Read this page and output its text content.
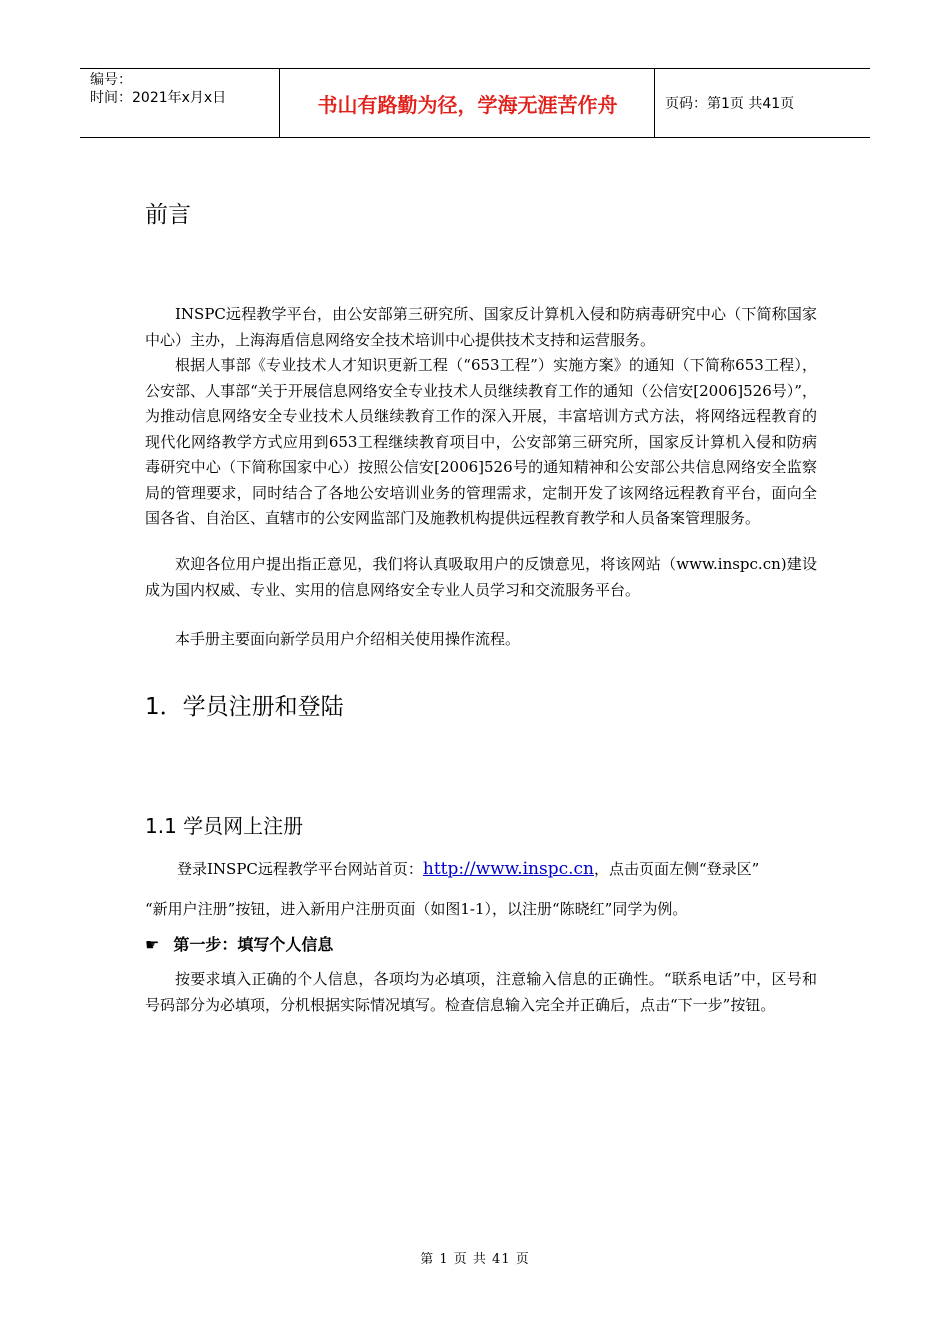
编号：
时间：2021年x月x日	书山有路勤为径，学海无涯苦作舟	页码：第1页 共41页
前言
INSPC远程教学平台，由公安部第三研究所、国家反计算机入侵和防病毒研究中心（下简称国家中心）主办，上海海盾信息网络安全技术培训中心提供技术支持和运营服务。
根据人事部《专业技术人才知识更新工程（“653工程”）实施方案》的通知（下简称653工程），公安部、人事部“关于开展信息网络安全专业技术人员继续教育工作的通知（公信安[2006]526号）”，为推动信息网络安全专业技术人员继续教育工作的深入开展，丰富培训方式方法，将网络远程教育的现代化网络教学方式应用到653工程继续教育项目中，公安部第三研究所，国家反计算机入侵和防病毒研究中心（下简称国家中心）按照公信安[2006]526号的通知精神和公安部公共信息网络安全监察局的管理要求，同时结合了各地公安培训业务的管理需求，定制开发了该网络远程教育平台，面向全国各省、自治区、直辖市的公安网监部门及施教机构提供远程教育教学和人员备案管理服务。
欢迎各位用户提出指正意见，我们将认真吸取用户的反馈意见，将该网站（www.inspc.cn)建设成为国内权威、专业、实用的信息网络安全专业人员学习和交流服务平台。
本手册主要面向新学员用户介绍相关使用操作流程。
1．学员注册和登陆
1.1 学员网上注册
登录INSPC远程教学平台网站首页：http://www.inspc.cn，点击页面左侧“登录区”
“新用户注册”按钮，进入新用户注册页面（如图1-1），以注册“陈晓红”同学为例。
☛ 第一步：填写个人信息
按要求填入正确的个人信息，各项均为必填项，注意输入信息的正确性。“联系电话”中，区号和号码部分为必填项，分机根据实际情况填写。检查信息输入完全并正确后，点击“下一步”按钮。
第 1 页 共 41 页
